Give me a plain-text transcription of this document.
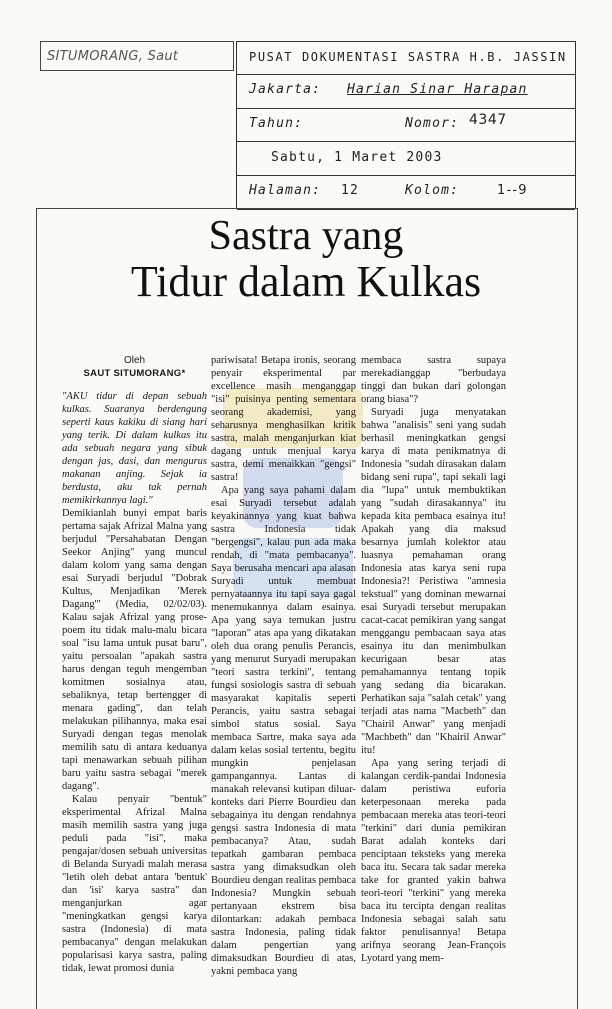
SITUMORANG, Saut	PUSAT DOKUMENTASI SASTRA H.B. JASSIN
Jakarta: Harian Sinar Harapan
Tahun:	Nomor: 4347
Sabtu, 1 Maret 2003
Halaman: 12	Kolom:	1--9
Sastra yang
Tidur dalam Kulkas
Oleh
SAUT SITUMORANG*

"AKU tidur di depan sebuah kulkas. Suaranya berdengung seperti kaus kakiku di siang hari yang terik. Di dalam kulkas itu ada sebuah negara yang sibuk dengan jas, dasi, dan mengurus makanan anjing. Sejak ia berdusta, aku tak pernah memikirkannya lagi."

Demikianlah bunyi empat baris pertama sajak Afrizal Malna yang berjudul "Persahabatan Dengan Seekor Anjing" yang muncul dalam kolom yang sama dengan esai Suryadi berjudul "Dobrak Kultus, Menjadikan 'Merek Dagang'" (Media, 02/02/03). Kalau sajak Afrizal yang prose-poem itu tidak malu-malu bicara soal "isu lama untuk pusat baru", yaitu persoalan "apakah sastra harus dengan teguh mengemban komitmen sosialnya atau, sebaliknya, tetap bertengger di menara gading", dan telah melakukan pilihannya, maka esai Suryadi dengan tegas menolak memilih satu di antara keduanya tapi menawarkan sebuah pilihan baru yaitu sastra sebagai "merek dagang".

Kalau penyair "bentuk" eksperimental Afrizal Malna masih memilih sastra yang juga peduli pada "isi", maka pengajar/dosen sebuah universitas di Belanda Suryadi malah merasa "letih oleh debat antara 'bentuk' dan 'isi' karya sastra" dan menganjurkan agar "meningkatkan gengsi karya sastra (Indonesia) di mata pembacanya" dengan melakukan popularisasi karya sastra, paling tidak, lewat promosi dunia

pariwisata! Betapa ironis, seorang penyair eksperimental par excellence masih menganggap "isi" puisinya penting sementara seorang akademisi, yang seharusnya menghasilkan kritik sastra, malah menganjurkan kiat dagang untuk menjual karya sastra, demi menaikkan "gengsi" sastra!

Apa yang saya pahami dalam esai Suryadi tersebut adalah keyakinannya yang kuat bahwa sastra Indonesia tidak "bergengsi", kalau pun ada maka rendah, di "mata pembacanya". Saya berusaha mencari apa alasan Suryadi untuk membuat pernyataannya itu tapi saya gagal menemukannya dalam esainya. Apa yang saya temukan justru "laporan" atas apa yang dikatakan oleh dua orang penulis Perancis, yang menurut Suryadi merupakan "teori sastra terkini", tentang fungsi sosiologis sastra di sebuah masyarakat kapitalis seperti Perancis, yaitu sastra sebagai simbol status sosial. Saya membaca Sartre, maka saya ada dalam kelas sosial tertentu, begitu mungkin penjelasan gampangannya. Lantas di manakah relevansi kutipan diluar-konteks dari Pierre Bourdieu dan sebagainya itu dengan rendahnya gengsi sastra Indonesia di mata pembacanya? Atau, sudah tepatkah gambaran pembaca sastra yang dimaksudkan oleh Bourdieu dengan realitas pembaca Indonesia? Mungkin sebuah pertanyaan ekstrem bisa dilontarkan: adakah pembaca sastra Indonesia, paling tidak dalam pengertian yang dimaksudkan Bourdieu di atas, yakni pembaca yang

membaca sastra supaya merekadianggap "berbudaya tinggi dan bukan dari golongan orang biasa"?

Suryadi juga menyatakan bahwa "analisis" seni yang sudah berhasil meningkatkan gengsi karya di mata penikmatnya di Indonesia "sudah dirasakan dalam bidang seni rupa", tapi sekali lagi dia "lupa" untuk membuktikan yang "sudah dirasakannya" itu kepada kita pembaca esainya itu! Apakah yang dia maksud besarnya jumlah kolektor atau luasnya pemahaman orang Indonesia atas karya seni rupa Indonesia?! Peristiwa "amnesia tekstual" yang dominan mewarnai esai Suryadi tersebut merupakan cacat-cacat pemikiran yang sangat menggangu pembacaan saya atas esainya itu dan menimbulkan kecurigaan besar atas pemahamannya tentang topik yang sedang dia bicarakan. Perhatikan saja "salah cetak" yang terjadi atas nama "Macbeth" dan "Chairil Anwar" yang menjadi "Machbeth" dan "Khairil Anwar" itu!

Apa yang sering terjadi di kalangan cerdik-pandai Indonesia dalam peristiwa euforia keterpesonaan mereka pada pembacaan mereka atas teori-teori "terkini" dari dunia pemikiran Barat adalah konteks dari penciptaan teksteks yang mereka baca itu. Secara tak sadar mereka take for granted yakin bahwa teori-teori "terkini" yang mereka baca itu tercipta dengan realitas Indonesia sebagai salah satu faktor penulisannya! Betapa arifnya seorang Jean-François Lyotard yang mem-
